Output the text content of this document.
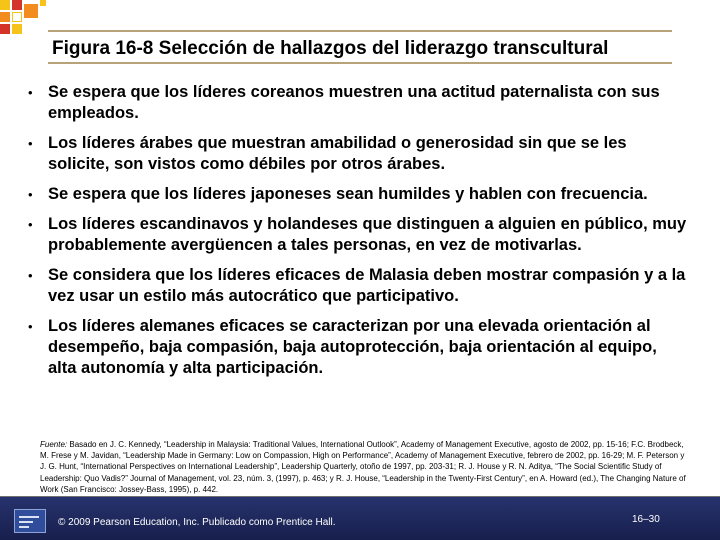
Figura 16-8 Selección de hallazgos del liderazgo transcultural
• Se espera que los líderes coreanos muestren una actitud paternalista con sus empleados.
• Los líderes árabes que muestran amabilidad o generosidad sin que se les solicite, son vistos como débiles por otros árabes.
• Se espera que los líderes japoneses sean humildes y hablen con frecuencia.
• Los líderes escandinavos y holandeses que distinguen a alguien en público, muy probablemente avergüencen a tales personas, en vez de motivarlas.
• Se considera que los líderes eficaces de Malasia deben mostrar compasión y a la vez usar un estilo más autocrático que participativo.
• Los líderes alemanes eficaces se caracterizan por una elevada orientación al desempeño, baja compasión, baja autoprotección, baja orientación al equipo, alta autonomía y alta participación.
Fuente: Basado en J. C. Kennedy, “Leadership in Malaysia: Traditional Values, International Outlook”, Academy of Management Executive, agosto de 2002, pp. 15-16; F.C. Brodbeck, M. Frese y M. Javidan, “Leadership Made in Germany: Low on Compassion, High on Performance”, Academy of Management Executive, febrero de 2002, pp. 16-29; M. F. Peterson y J. G. Hunt, “International Perspectives on International Leadership”, Leadership Quarterly, otoño de 1997, pp. 203-31; R. J. House y R. N. Aditya, “The Social Scientific Study of Leadership: Quo Vadis?” Journal of Management, vol. 23, núm. 3, (1997), p. 463; y R. J. House, “Leadership in the Twenty-First Century”, en A. Howard (ed.), The Changing Nature of Work (San Francisco: Jossey-Bass, 1995), p. 442.
© 2009 Pearson Education, Inc. Publicado como Prentice Hall.	16–30
